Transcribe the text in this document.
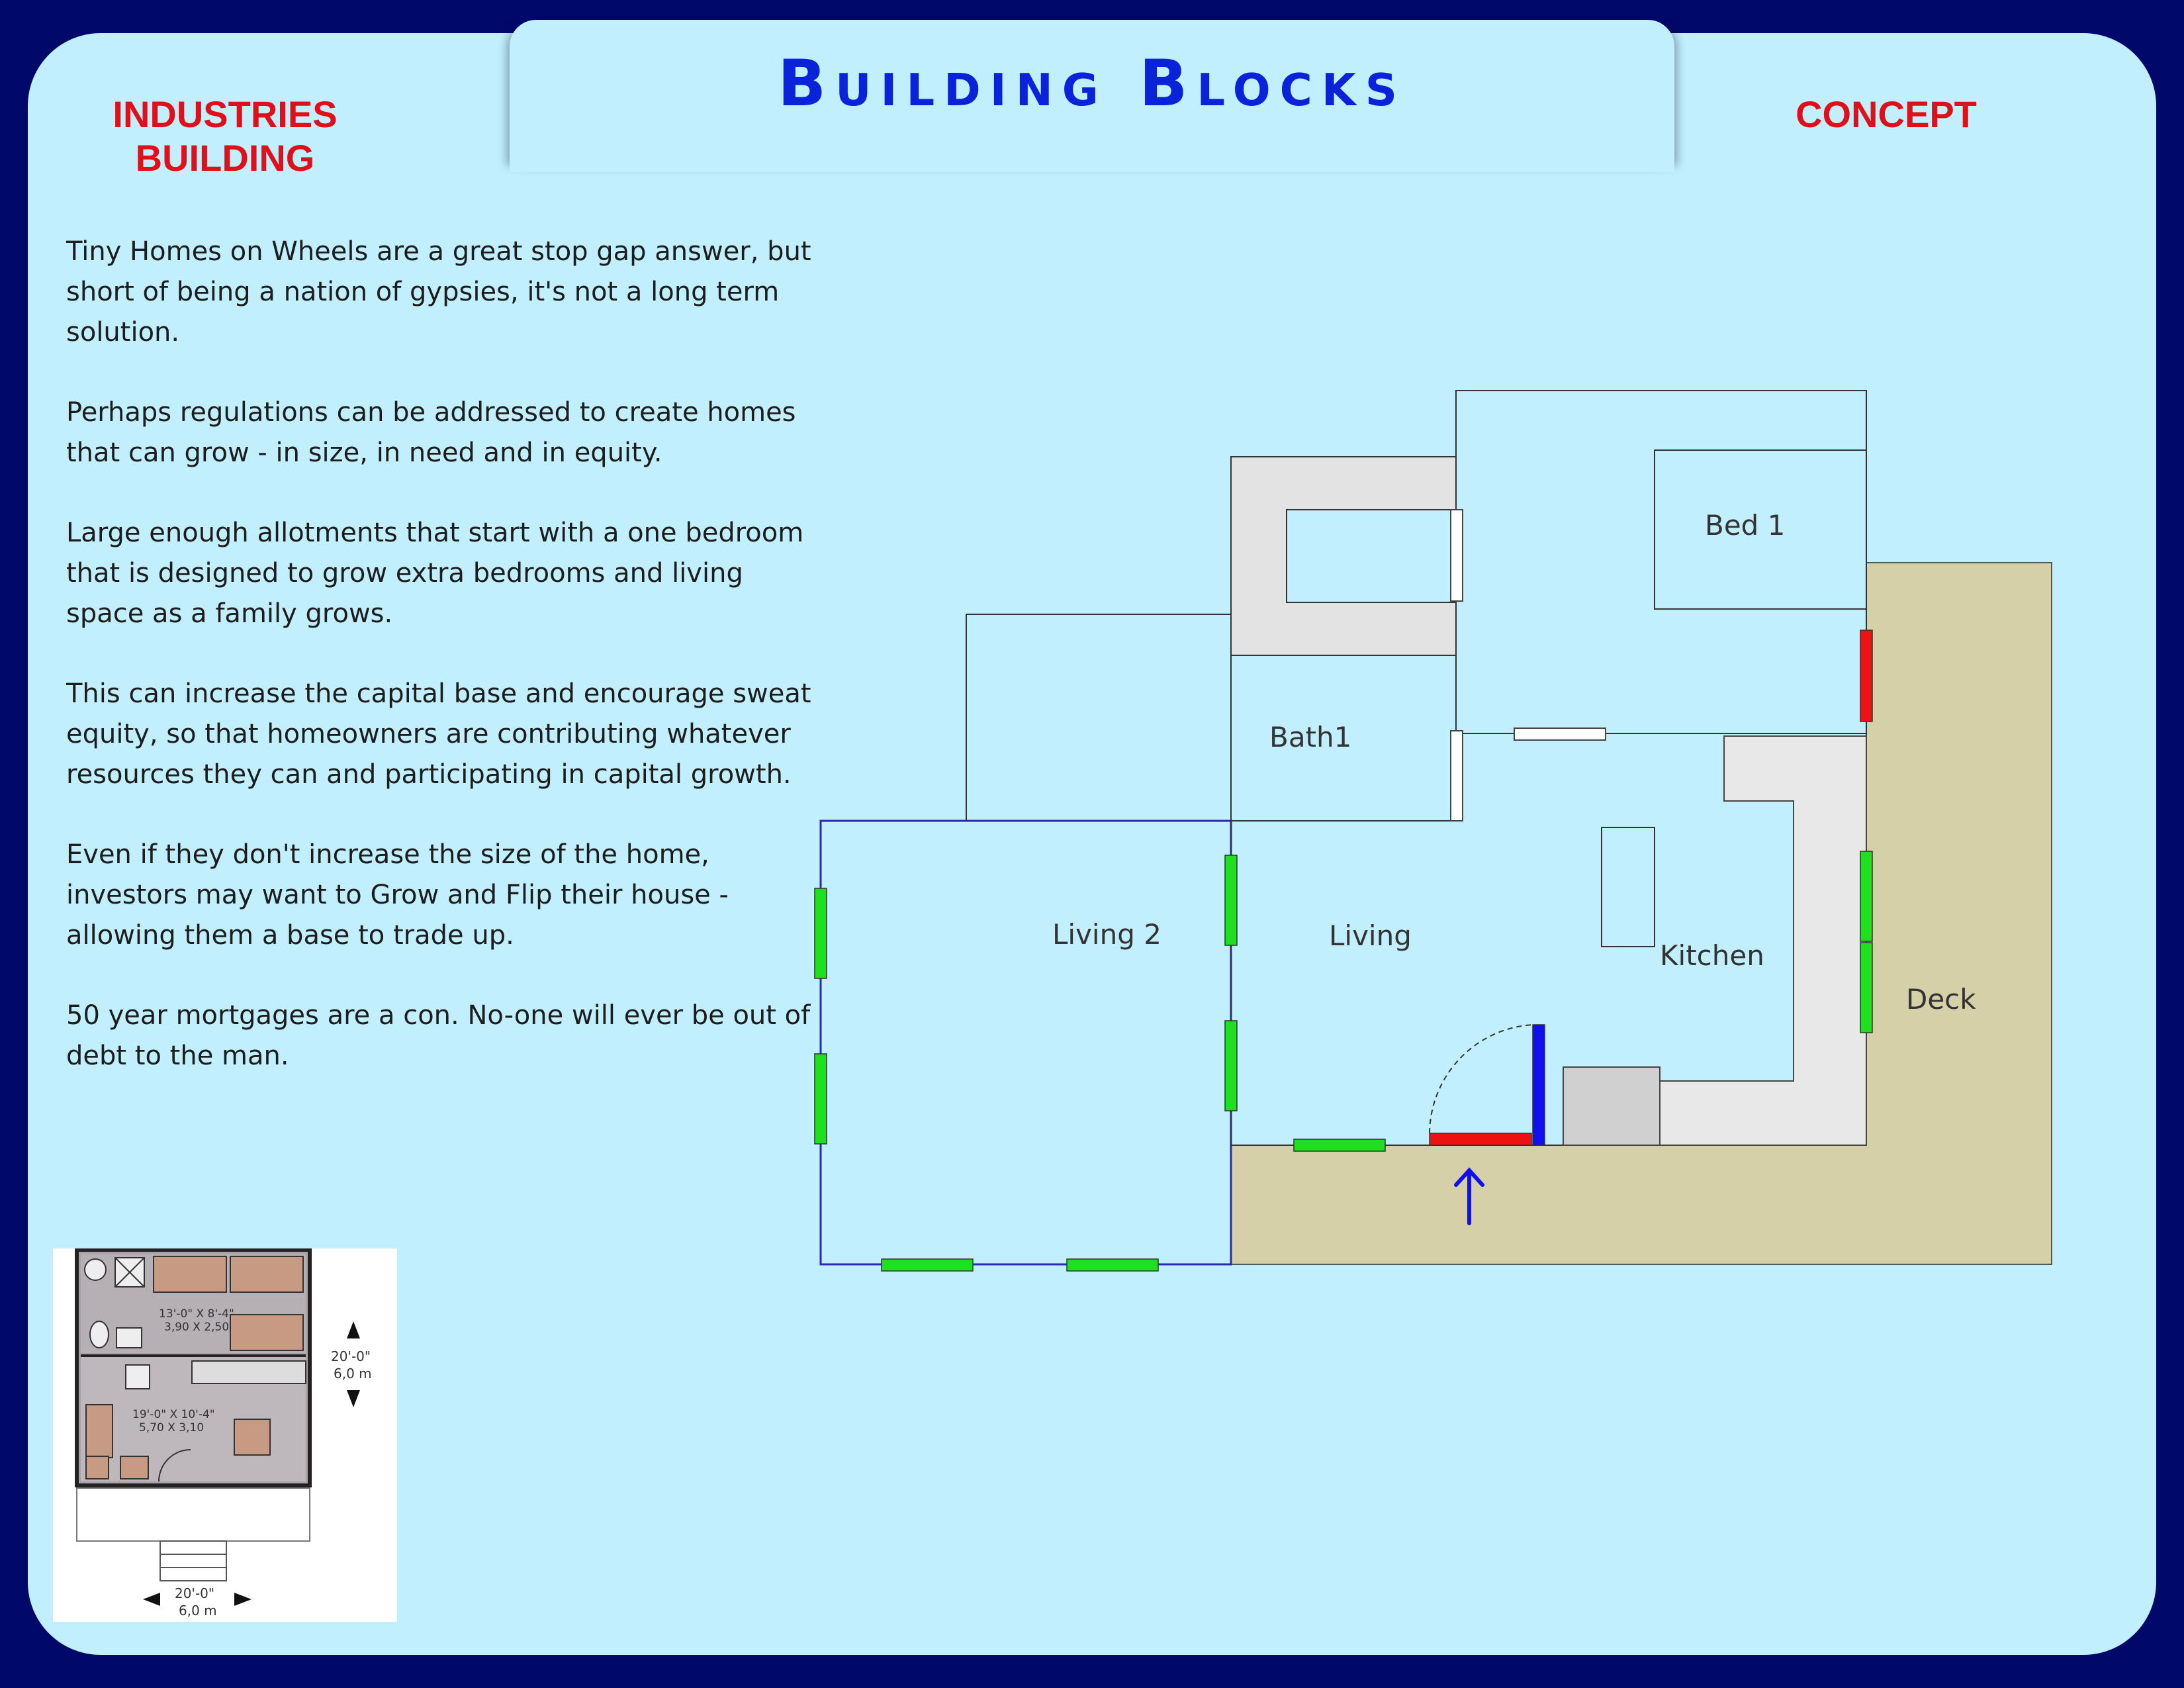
Building Blocks
INDUSTRIES
BUILDING
CONCEPT

Tiny Homes on Wheels are a great stop gap answer, but short of being a nation of gypsies, it's not a long term solution.

Perhaps regulations can be addressed to create homes that can grow - in size, in need and in equity.

Large enough allotments that start with a one bedroom that is designed to grow extra bedrooms and living space as a family grows.

This can increase the capital base and encourage sweat equity, so that homeowners are contributing whatever resources they can and participating in capital growth.

Even if they don't increase the size of the home, investors may want to Grow and Flip their house - allowing them a base to trade up.

50 year mortgages are a con. No-one will ever be out of debt to the man.

Bed 1
Bath1
Living 2	Living
Kitchen
Deck
13'-0" X 8'-4"
3,90 X 2,50
19'-0" X 10'-4"
5,70 X 3,10
20'-0"
6,0 m
20'-0"
6,0 m
